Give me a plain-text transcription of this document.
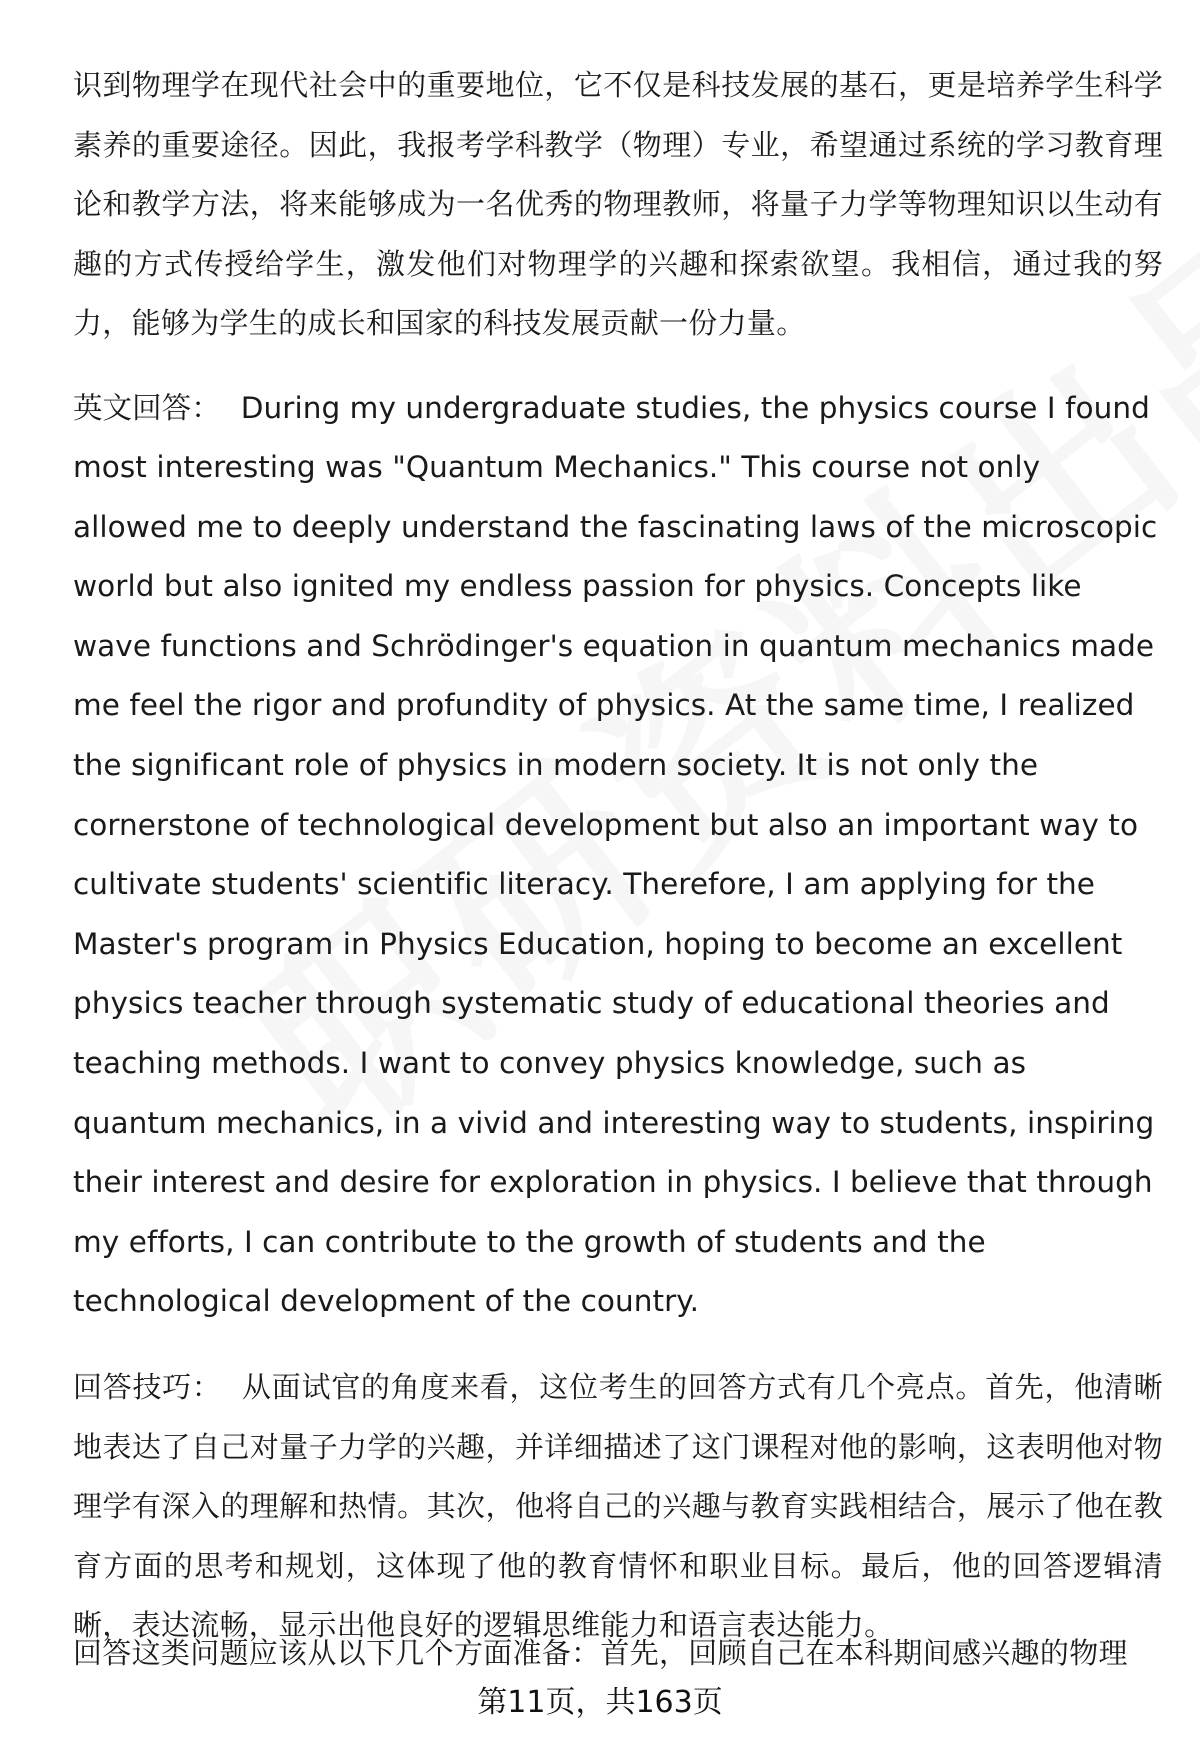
识到物理学在现代社会中的重要地位，它不仅是科技发展的基石，更是培养学生科学素养的重要途径。因此，我报考学科教学（物理）专业，希望通过系统的学习教育理论和教学方法，将来能够成为一名优秀的物理教师，将量子力学等物理知识以生动有趣的方式传授给学生，激发他们对物理学的兴趣和探索欲望。我相信，通过我的努力，能够为学生的成长和国家的科技发展贡献一份力量。

英文回答： During my undergraduate studies, the physics course I found most interesting was "Quantum Mechanics." This course not only allowed me to deeply understand the fascinating laws of the microscopic world but also ignited my endless passion for physics. Concepts like wave functions and Schrödinger's equation in quantum mechanics made me feel the rigor and profundity of physics. At the same time, I realized the significant role of physics in modern society. It is not only the cornerstone of technological development but also an important way to cultivate students' scientific literacy. Therefore, I am applying for the Master's program in Physics Education, hoping to become an excellent physics teacher through systematic study of educational theories and teaching methods. I want to convey physics knowledge, such as quantum mechanics, in a vivid and interesting way to students, inspiring their interest and desire for exploration in physics. I believe that through my efforts, I can contribute to the growth of students and the technological development of the country.

回答技巧： 从面试官的角度来看，这位考生的回答方式有几个亮点。首先，他清晰地表达了自己对量子力学的兴趣，并详细描述了这门课程对他的影响，这表明他对物理学有深入的理解和热情。其次，他将自己的兴趣与教育实践相结合，展示了他在教育方面的思考和规划，这体现了他的教育情怀和职业目标。最后，他的回答逻辑清晰，表达流畅，显示出他良好的逻辑思维能力和语言表达能力。

回答这类问题应该从以下几个方面准备：首先，回顾自己在本科期间感兴趣的物理

第11页，共163页
